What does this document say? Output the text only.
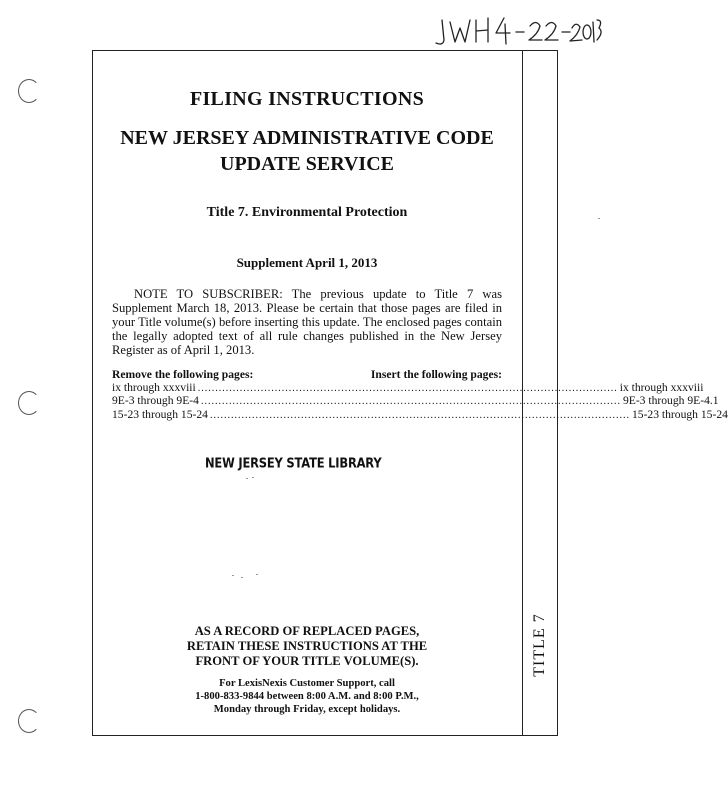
TITLE 7
FILING INSTRUCTIONS
NEW JERSEY ADMINISTRATIVE CODE
UPDATE SERVICE
Title 7. Environmental Protection
Supplement April 1, 2013
NOTE TO SUBSCRIBER: The previous update to Title 7 was Supplement March 18, 2013. Please be certain that those pages are filed in your Title volume(s) before inserting this update. The enclosed pages contain the legally adopted text of all rule changes published in the New Jersey Register as of April 1, 2013.
Remove the following pages:	Insert the following pages:
ix through xxxviii ........................................................................................................................ ix through xxxviii
9E-3 through 9E-4 ........................................................................................................................ 9E-3 through 9E-4.1
15-23 through 15-24 ........................................................................................................................ 15-23 through 15-24
NEW JERSEY STATE LIBRARY
AS A RECORD OF REPLACED PAGES,
RETAIN THESE INSTRUCTIONS AT THE
FRONT OF YOUR TITLE VOLUME(S).
For LexisNexis Customer Support, call
1-800-833-9844 between 8:00 A.M. and 8:00 P.M.,
Monday through Friday, except holidays.
